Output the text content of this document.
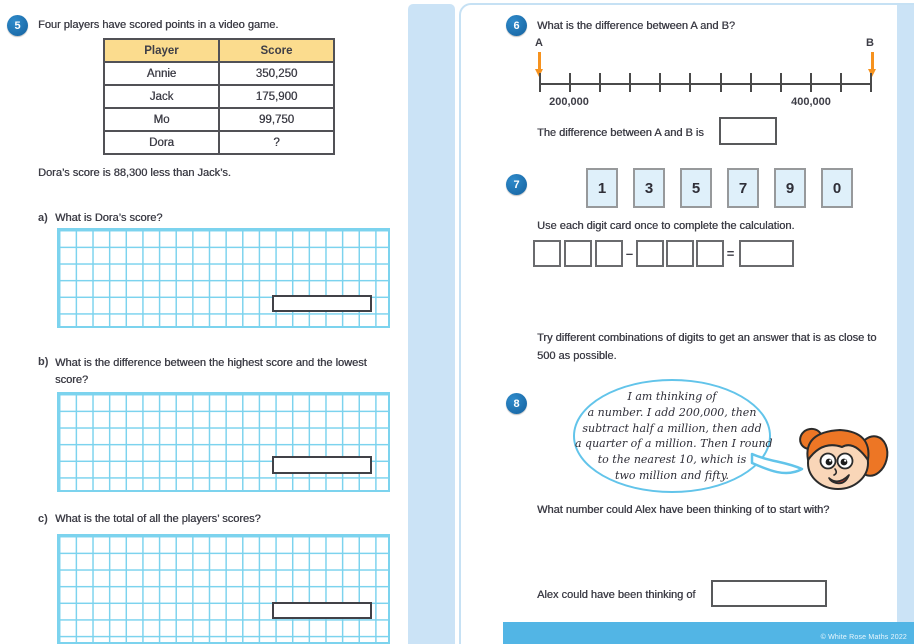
5 Four players have scored points in a video game.
Player	Score
Annie	350,250
Jack	175,900
Mo	99,750
Dora	?
Dora’s score is 88,300 less than Jack’s.
a) What is Dora’s score?
b) What is the difference between the highest score and the lowest score?
c) What is the total of all the players’ scores?
6 What is the difference between A and B?
A	B
200,000	400,000
The difference between A and B is
7	1	3	5	7	9	0
Use each digit card once to complete the calculation.
–	=
Try different combinations of digits to get an answer that is as close to 500 as possible.
8
I am thinking of
a number. I add 200,000, then
subtract half a million, then add
a quarter of a million. Then I round
to the nearest 10, which is
two million and fifty.
What number could Alex have been thinking of to start with?
Alex could have been thinking of
© White Rose Maths 2022
